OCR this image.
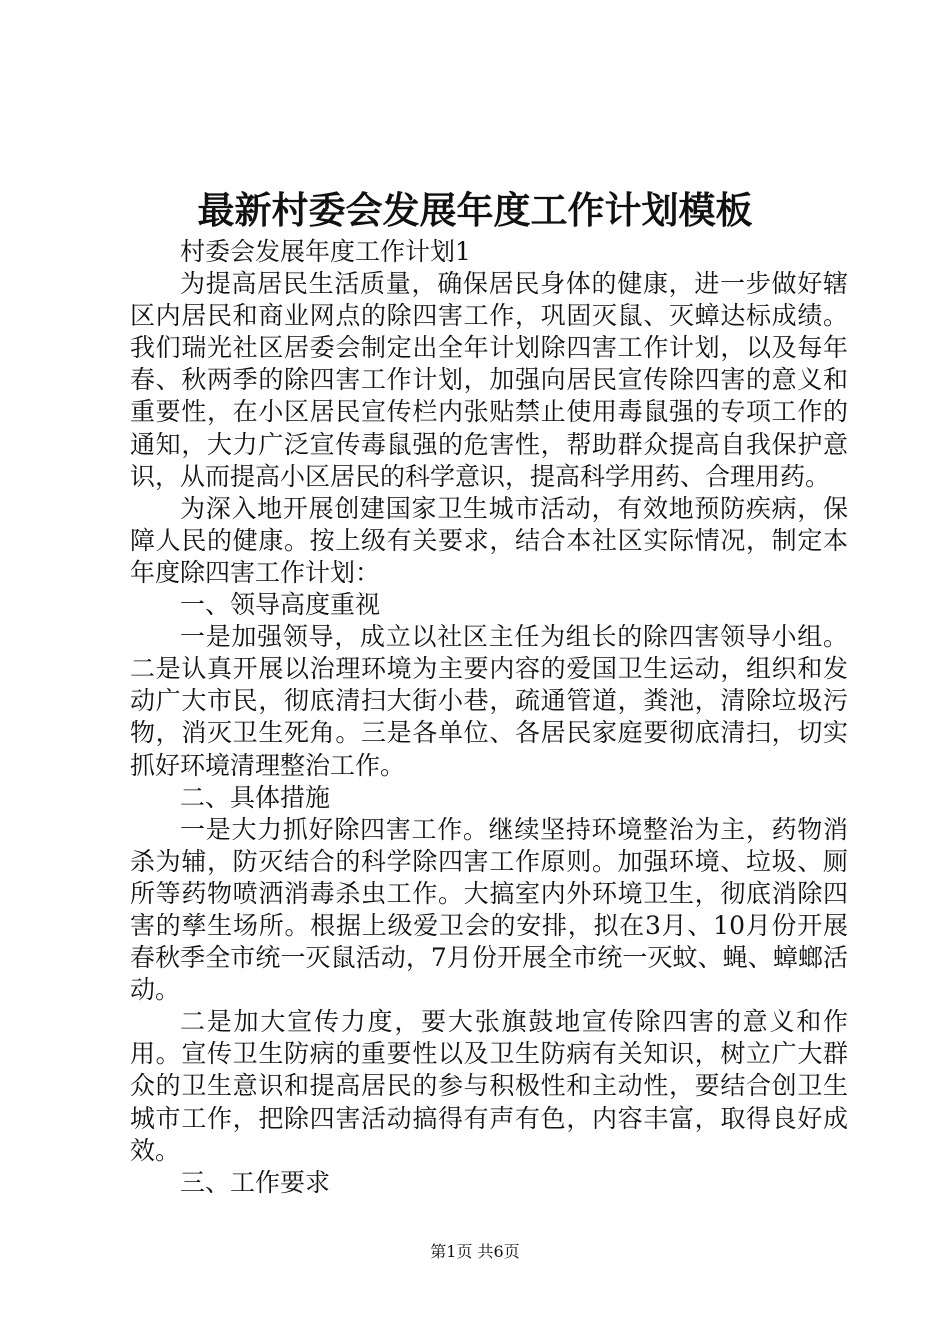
最新村委会发展年度工作计划模板

村委会发展年度工作计划1

为提高居民生活质量，确保居民身体的健康，进一步做好辖区内居民和商业网点的除四害工作，巩固灭鼠、灭蟑达标成绩。我们瑞光社区居委会制定出全年计划除四害工作计划，以及每年春、秋两季的除四害工作计划，加强向居民宣传除四害的意义和重要性，在小区居民宣传栏内张贴禁止使用毒鼠强的专项工作的通知，大力广泛宣传毒鼠强的危害性，帮助群众提高自我保护意识，从而提高小区居民的科学意识，提高科学用药、合理用药。

为深入地开展创建国家卫生城市活动，有效地预防疾病，保障人民的健康。按上级有关要求，结合本社区实际情况，制定本年度除四害工作计划：

一、领导高度重视

一是加强领导，成立以社区主任为组长的除四害领导小组。二是认真开展以治理环境为主要内容的爱国卫生运动，组织和发动广大市民，彻底清扫大街小巷，疏通管道，粪池，清除垃圾污物，消灭卫生死角。三是各单位、各居民家庭要彻底清扫，切实抓好环境清理整治工作。

二、具体措施

一是大力抓好除四害工作。继续坚持环境整治为主，药物消杀为辅，防灭结合的科学除四害工作原则。加强环境、垃圾、厕所等药物喷洒消毒杀虫工作。大搞室内外环境卫生，彻底消除四害的孳生场所。根据上级爱卫会的安排，拟在3月、10月份开展春秋季全市统一灭鼠活动，7月份开展全市统一灭蚊、蝇、蟑螂活动。

二是加大宣传力度，要大张旗鼓地宣传除四害的意义和作用。宣传卫生防病的重要性以及卫生防病有关知识，树立广大群众的卫生意识和提高居民的参与积极性和主动性，要结合创卫生城市工作，把除四害活动搞得有声有色，内容丰富，取得良好成效。

三、工作要求

第1页 共6页
